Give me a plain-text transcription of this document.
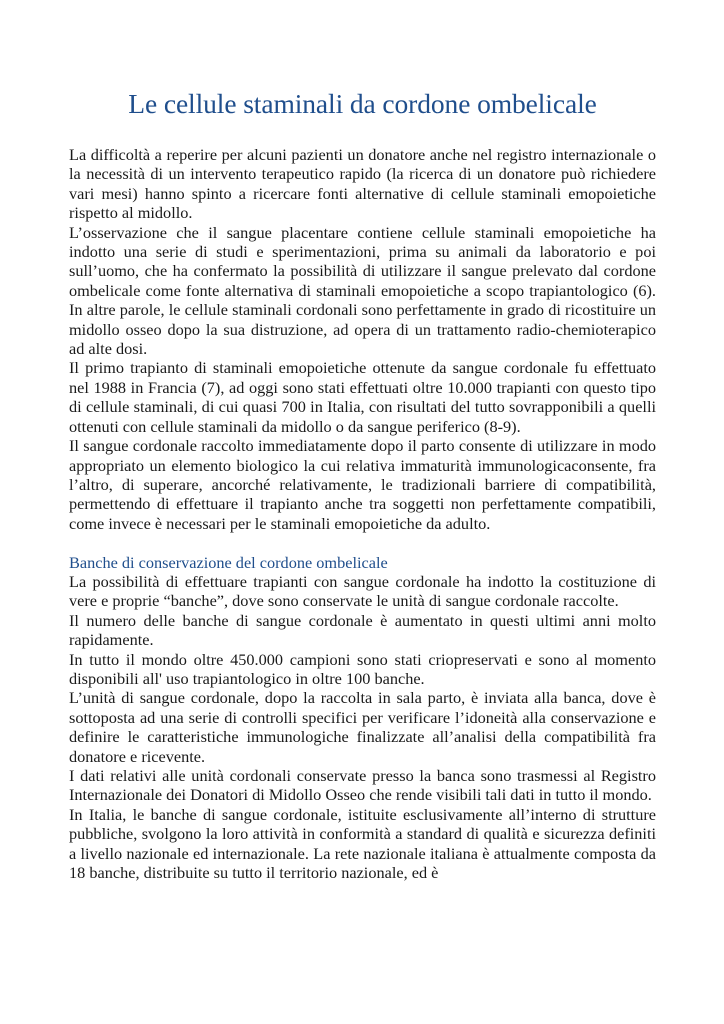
Le cellule staminali da cordone ombelicale

La difficoltà a reperire per alcuni pazienti un donatore anche nel registro internazionale o la necessità di un intervento terapeutico rapido (la ricerca di un donatore può richiedere vari mesi) hanno spinto a ricercare fonti alternative di cellule staminali emopoietiche rispetto al midollo.

L’osservazione che il sangue placentare contiene cellule staminali emopoietiche ha indotto una serie di studi e sperimentazioni, prima su animali da laboratorio e poi sull’uomo, che ha confermato la possibilità di utilizzare il sangue prelevato dal cordone ombelicale come fonte alternativa di staminali emopoietiche a scopo trapiantologico (6). In altre parole, le cellule staminali cordonali sono perfettamente in grado di ricostituire un midollo osseo dopo la sua distruzione, ad opera di un trattamento radio-chemioterapico ad alte dosi.

Il primo trapianto di staminali emopoietiche ottenute da sangue cordonale fu effettuato nel 1988 in Francia (7), ad oggi sono stati effettuati oltre 10.000 trapianti con questo tipo di cellule staminali, di cui quasi 700 in Italia, con risultati del tutto sovrapponibili a quelli ottenuti con cellule staminali da midollo o da sangue periferico (8-9).

Il sangue cordonale raccolto immediatamente dopo il parto consente di utilizzare in modo appropriato un elemento biologico la cui relativa immaturità immunologicaconsente, fra l’altro, di superare, ancorché relativamente, le tradizionali barriere di compatibilità, permettendo di effettuare il trapianto anche tra soggetti non perfettamente compatibili, come invece è necessari per le staminali emopoietiche da adulto.

Banche di conservazione del cordone ombelicale

La possibilità di effettuare trapianti con sangue cordonale ha indotto la costituzione di vere e proprie “banche”, dove sono conservate le unità di sangue cordonale raccolte.

Il numero delle banche di sangue cordonale è aumentato in questi ultimi anni molto rapidamente.

In tutto il mondo oltre 450.000 campioni sono stati criopreservati e sono al momento disponibili all' uso trapiantologico in oltre 100 banche.

L’unità di sangue cordonale, dopo la raccolta in sala parto, è inviata alla banca, dove è sottoposta ad una serie di controlli specifici per verificare l’idoneità alla conservazione e definire le caratteristiche immunologiche finalizzate all’analisi della compatibilità fra donatore e ricevente.

I dati relativi alle unità cordonali conservate presso la banca sono trasmessi al Registro Internazionale dei Donatori di Midollo Osseo che rende visibili tali dati in tutto il mondo.

In Italia, le banche di sangue cordonale, istituite esclusivamente all’interno di strutture pubbliche, svolgono la loro attività in conformità a standard di qualità e sicurezza definiti a livello nazionale ed internazionale. La rete nazionale italiana è attualmente composta da 18 banche, distribuite su tutto il territorio nazionale, ed è
